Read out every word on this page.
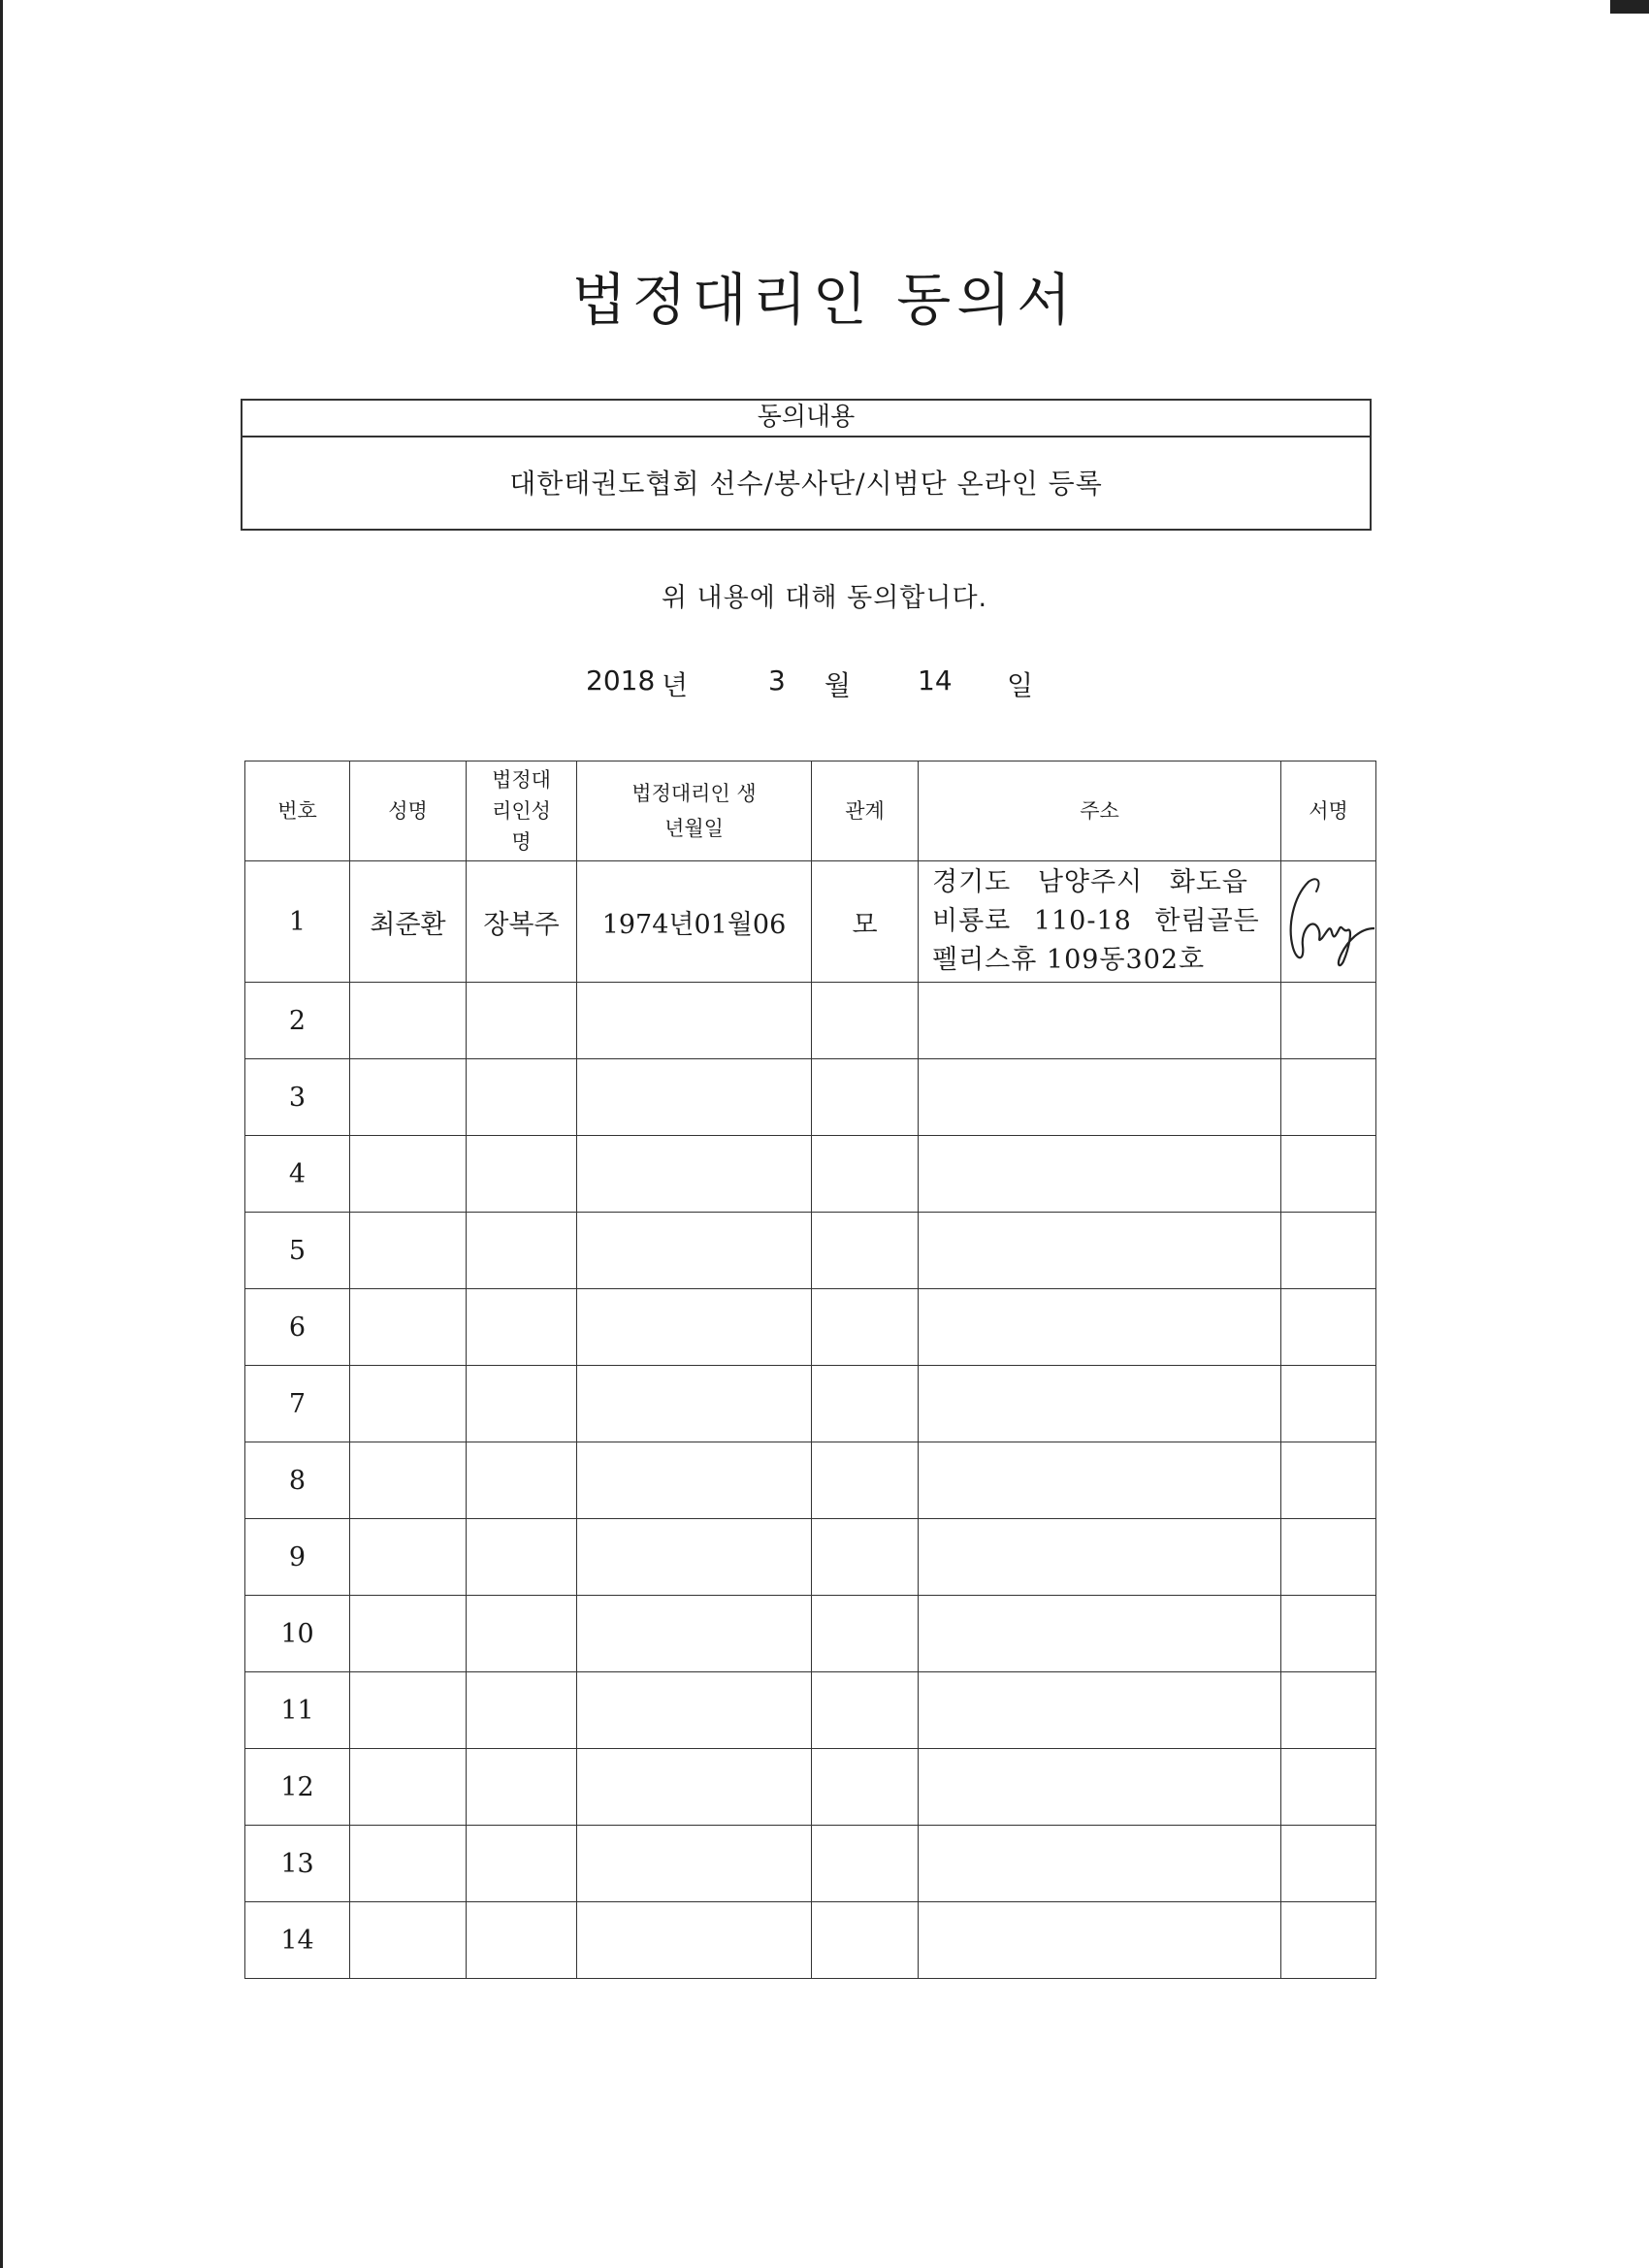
법정대리인 동의서
동의내용
대한태권도협회 선수/봉사단/시범단 온라인 등록
위 내용에 대해 동의합니다.
2018 년	3 월 14 일
번호	성명	법정대리인성명	법정대리인 생년월일	관계	주소	서명
1	최준환	장복주	1974년01월06	모	경기도 남양주시 화도읍
비룡로 110-18 한림골든
펠리스휴 109동302호

2						
3						
4						
5						
6						
7						
8						
9						
10						
11						
12						
13						
14						
